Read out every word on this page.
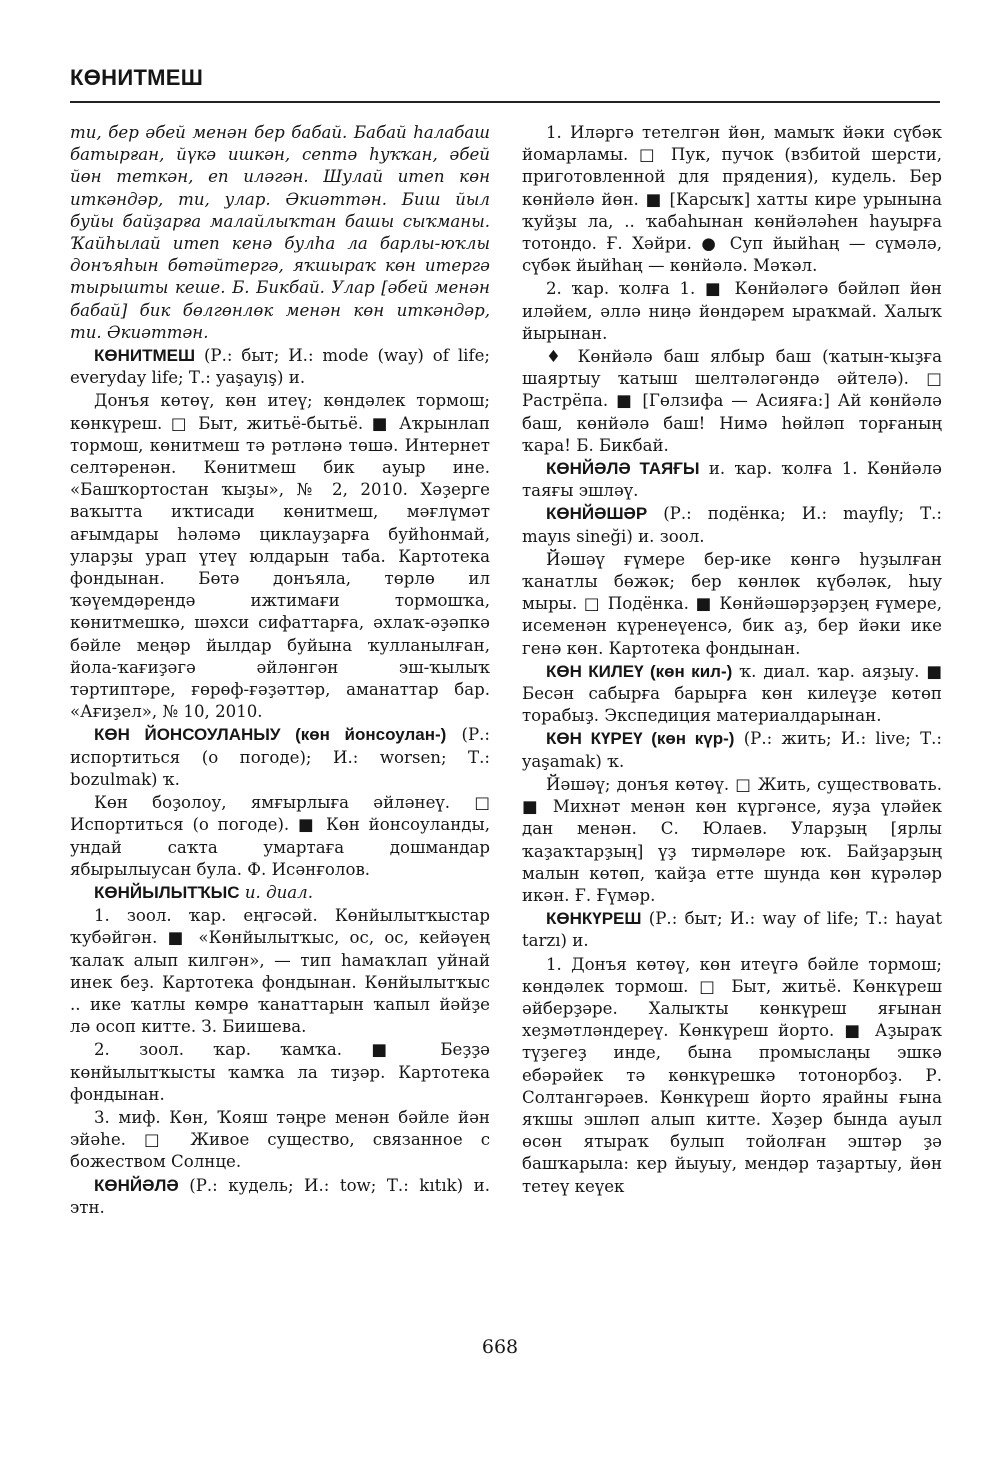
КӨНИТМЕШ

ти, бер әбей менән бер бабай. Бабай һалабаш батырған, йүкә ишкән, септә һуҡҡан, әбей йөн теткән, еп иләгән. Шулай итеп көн иткәндәр, ти, улар. Әкиәттән. Биш йыл буйы байҙарға малайлыҡтан башы сыҡманы. Ҡайһылай итеп кенә булһа ла барлы-юҡлы донъяһын бөтәйтергә, яҡшыраҡ көн итергә тырышты кеше. Б. Бикбай. Улар [әбей менән бабай] бик бөлгөнлөк менән көн иткәндәр, ти. Әкиәттән.

КӨНИТМЕШ (Р.: быт; И.: mode (way) of life; everyday life; Т.: yaşayış) и.

Донъя көтөү, көн итеү; көндәлек тормош; көнкүреш. □ Быт, житьё-бытьё. ■ Аҡрынлап тормош, көнитмеш тә рәтләнә төшә. Интернет селтәренән. Көнитмеш бик ауыр ине. «Башҡортостан ҡыҙы», № 2, 2010. Хәҙерге ваҡытта иҡтисади көнитмеш, мәғлүмәт ағымдары һәләмә циклауҙарға буйһонмай, уларҙы урап үтеү юлдарын таба. Картотека фондынан. Бөтә донъяла, төрлө ил ҡәүемдәрендә ижтимағи тормошҡа, көнитмешкә, шәхси сифаттарға, әхлаҡ-әҙәпкә бәйле меңәр йылдар буйына ҡулланылған, йола-ҡағиҙәгә әйләнгән эш-ҡылыҡ тәртиптәре, ғөрөф-ғәҙәттәр, аманаттар бар. «Ағиҙел», № 10, 2010.

КӨН ЙОНСОУЛАНЫУ (көн йонсоулан-) (Р.: испортиться (о погоде); И.: worsen; Т.: bozulmak) ҡ.

Көн боҙолоу, ямғырлыға әйләнеү. □ Испортиться (о погоде). ■ Көн йонсоуланды, ундай саҡта умартаға дошмандар ябырылыусан була. Ф. Исәнғолов.

КӨНЙЫЛЫТҠЫС и. диал.

1. зоол. ҡар. еңгәсәй. Көнйылытҡыстар ҡубәйгән. ■ «Көнйылытҡыс, ос, ос, кейәүең ҡалаҡ алып килгән», — тип һамаҡлап уйнай инек беҙ. Картотека фондынан. Көнйылытҡыс .. ике ҡатлы көмрө ҡанаттарын ҡапыл йәйҙе лә осоп китте. З. Биишева.

2. зоол. ҡар. ҡамҡа. ■ Беҙҙә көнйылытҡысты ҡамҡа ла тиҙәр. Картотека фондынан.

3. миф. Көн, Ҡояш тәңре менән бәйле йән эйәһе. □ Живое существо, связанное с божеством Солнце.

КӨНЙӘЛӘ (Р.: кудель; И.: tow; Т.: kıtık) и. этн.

1. Иләргә тетелгән йөн, мамыҡ йәки сүбәк йомарламы. □ Пук, пучок (взбитой шерсти, приготовленной для прядения), кудель. Бер көнйәлә йөн. ■ [Карсыҡ] хатты кире урынына ҡуйҙы ла, .. ҡабаһынан көнйәләһен һауырға тотондо. Ғ. Хәйри. ● Суп йыйһаң — сүмәлә, сүбәк йыйһаң — көнйәлә. Мәҡәл.

2. ҡар. ҡолға 1. ■ Көнйәләгә бәйләп йөн иләйем, әллә ниңә йөндәрем ыраҡмай. Халыҡ йырынан.

♦ Көнйәлә баш ялбыр баш (ҡатын-ҡыҙға шаяртыу ҡатыш шелтәләгәндә әйтелә). □ Растрёпа. ■ [Гөлзифа — Асияға:] Ай көнйәлә баш, көнйәлә баш! Нимә һөйләп торғаның ҡара! Б. Бикбай.

КӨНЙӘЛӘ ТАЯҒЫ и. ҡар. ҡолға 1. Көнйәлә таяғы эшләү.

КӨНЙӘШӘР (Р.: подёнка; И.: mayfly; Т.: mayıs sineği) и. зоол.

Йәшәү ғүмере бер-ике көнгә һуҙылған ҡанатлы бөжәк; бер көнлөк күбәләк, һыу мыры. □ Подёнка. ■ Көнйәшәрҙәрҙең ғүмере, исеменән күренеүенсә, бик аҙ, бер йәки ике генә көн. Картотека фондынан.

КӨН КИЛЕҮ (көн кил-) ҡ. диал. ҡар. аяҙыу. ■ Бесән сабырға барырға көн килеүҙе көтөп торабыҙ. Экспедиция материалдарынан.

КӨН КҮРЕҮ (көн күр-) (Р.: жить; И.: live; Т.: yaşamak) ҡ.

Йәшәү; донъя көтөү. □ Жить, существовать. ■ Михнәт менән көн күргәнсе, яуҙа үләйек дан менән. С. Юлаев. Уларҙың [ярлы ҡаҙаҡтарҙың] үҙ тирмәләре юҡ. Байҙарҙың малын көтөп, ҡайҙа етте шунда көн күрәләр икән. Ғ. Ғүмәр.

КӨНКҮРЕШ (Р.: быт; И.: way of life; Т.: hayat tarzı) и.

1. Донъя көтөү, көн итеүгә бәйле тормош; көндәлек тормош. □ Быт, житьё. Көнкүреш әйберҙәре. Халыҡты көнкүреш яғынан хеҙмәтләндереү. Көнкүреш йорто. ■ Аҙыраҡ түҙегеҙ инде, бына промыслаңы эшкә ебәрәйек тә көнкүрешкә тотонорбоҙ. Р. Солтангәрәев. Көнкүреш йорто ярайны ғына яҡшы эшләп алып китте. Хәҙер бында ауыл өсөн ятыраҡ булып тойолған эштәр ҙә башҡарыла: кер йыуыу, мендәр таҙартыу, йөн тетеү кеүек

668
